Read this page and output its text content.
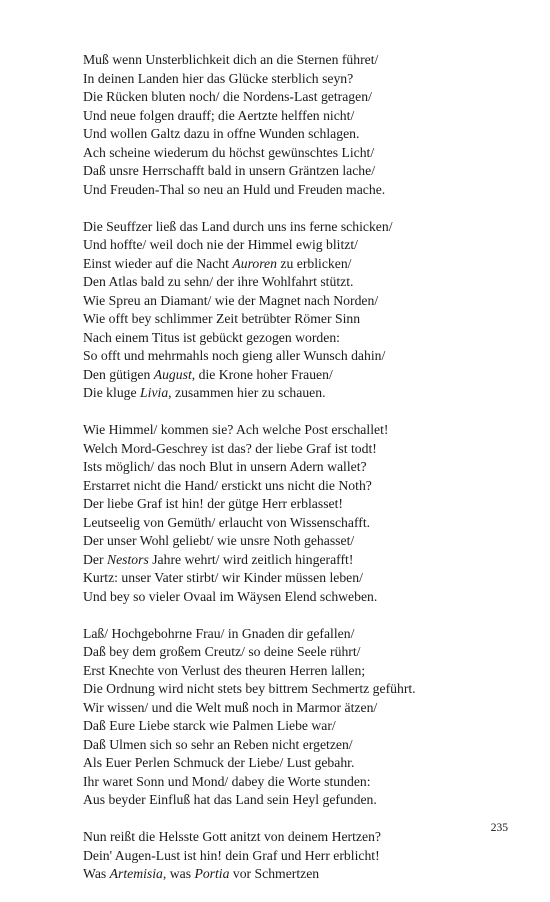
Muß wenn Unsterblichkeit dich an die Sternen führet/
In deinen Landen hier das Glücke sterblich seyn?
Die Rücken bluten noch/ die Nordens-Last getragen/
Und neue folgen drauff; die Aertzte helffen nicht/
Und wollen Galtz dazu in offne Wunden schlagen.
Ach scheine wiederum du höchst gewünschtes Licht/
Daß unsre Herrschafft bald in unsern Gräntzen lache/
Und Freuden-Thal so neu an Huld und Freuden mache.
Die Seuffzer ließ das Land durch uns ins ferne schicken/
Und hoffte/ weil doch nie der Himmel ewig blitzt/
Einst wieder auf die Nacht Auroren zu erblicken/
Den Atlas bald zu sehn/ der ihre Wohlfahrt stützt.
Wie Spreu an Diamant/ wie der Magnet nach Norden/
Wie offt bey schlimmer Zeit betrübter Römer Sinn
Nach einem Titus ist gebückt gezogen worden:
So offt und mehrmahls noch gieng aller Wunsch dahin/
Den gütigen August, die Krone hoher Frauen/
Die kluge Livia, zusammen hier zu schauen.
Wie Himmel/ kommen sie? Ach welche Post erschallet!
Welch Mord-Geschrey ist das? der liebe Graf ist todt!
Ists möglich/ das noch Blut in unsern Adern wallet?
Erstarret nicht die Hand/ erstickt uns nicht die Noth?
Der liebe Graf ist hin! der gütge Herr erblasset!
Leutseelig von Gemüth/ erlaucht von Wissenschafft.
Der unser Wohl geliebt/ wie unsre Noth gehasset/
Der Nestors Jahre wehrt/ wird zeitlich hingerafft!
Kurtz: unser Vater stirbt/ wir Kinder müssen leben/
Und bey so vieler Ovaal im Wäysen Elend schweben.
Laß/ Hochgebohrne Frau/ in Gnaden dir gefallen/
Daß bey dem großem Creutz/ so deine Seele rührt/
Erst Knechte von Verlust des theuren Herren lallen;
Die Ordnung wird nicht stets bey bittrem Sechmertz geführt.
Wir wissen/ und die Welt muß noch in Marmor ätzen/
Daß Eure Liebe starck wie Palmen Liebe war/
Daß Ulmen sich so sehr an Reben nicht ergetzen/
Als Euer Perlen Schmuck der Liebe/ Lust gebahr.
Ihr waret Sonn und Mond/ dabey die Worte stunden:
Aus beyder Einfluß hat das Land sein Heyl gefunden.
Nun reißt die Helsste Gott anitzt von deinem Hertzen?
Dein' Augen-Lust ist hin! dein Graf und Herr erblicht!
Was Artemisia, was Portia vor Schmertzen
235
